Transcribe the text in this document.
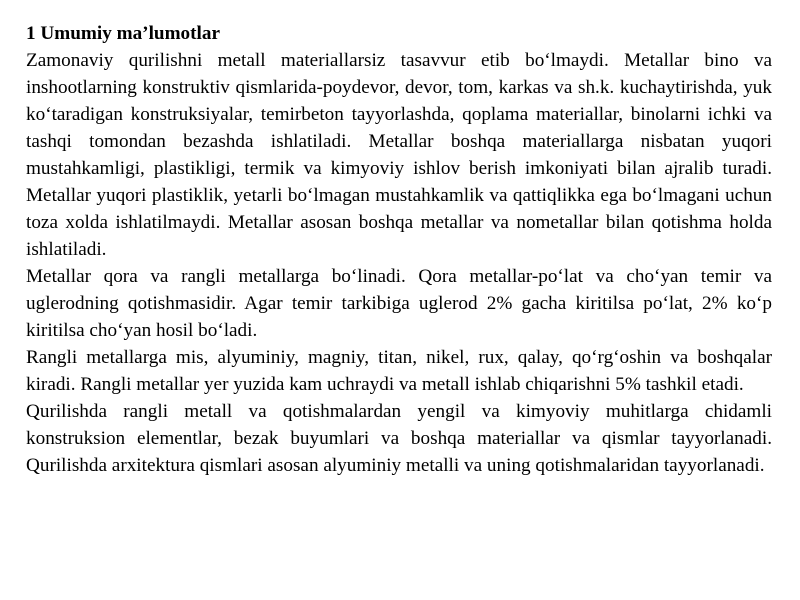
1 Umumiy ma’lumotlar

Zamonaviy qurilishni metall materiallarsiz tasavvur etib bo‘lmaydi. Metallar bino va inshootlarning konstruktiv qismlarida-poydevor, devor, tom, karkas va sh.k. kuchaytirishda, yuk ko‘taradigan konstruksiyalar, temirbeton tayyorlashda, qoplama materiallar, binolarni ichki va tashqi tomondan bezashda ishlatiladi. Metallar boshqa materiallarga nisbatan yuqori mustahkamligi, plastikligi, termik va kimyoviy ishlov berish imkoniyati bilan ajralib turadi. Metallar yuqori plastiklik, yetarli bo‘lmagan mustahkamlik va qattiqlikka ega bo‘lmagani uchun toza xolda ishlatilmaydi. Metallar asosan boshqa metallar va nometallar bilan qotishma holda ishlatiladi.

Metallar qora va rangli metallarga bo‘linadi. Qora metallar-po‘lat va cho‘yan temir va uglerodning qotishmasidir. Agar temir tarkibiga uglerod 2% gacha kiritilsa po‘lat, 2% ko‘p kiritilsa cho‘yan hosil bo‘ladi.

Rangli metallarga mis, alyuminiy, magniy, titan, nikel, rux, qalay, qo‘rg‘oshin va boshqalar kiradi. Rangli metallar yer yuzida kam uchraydi va metall ishlab chiqarishni 5% tashkil etadi.

Qurilishda rangli metall va qotishmalardan yengil va kimyoviy muhitlarga chidamli konstruksion elementlar, bezak buyumlari va boshqa materiallar va qismlar tayyorlanadi. Qurilishda arxitektura qismlari asosan alyuminiy metalli va uning qotishmalaridan tayyorlanadi.
